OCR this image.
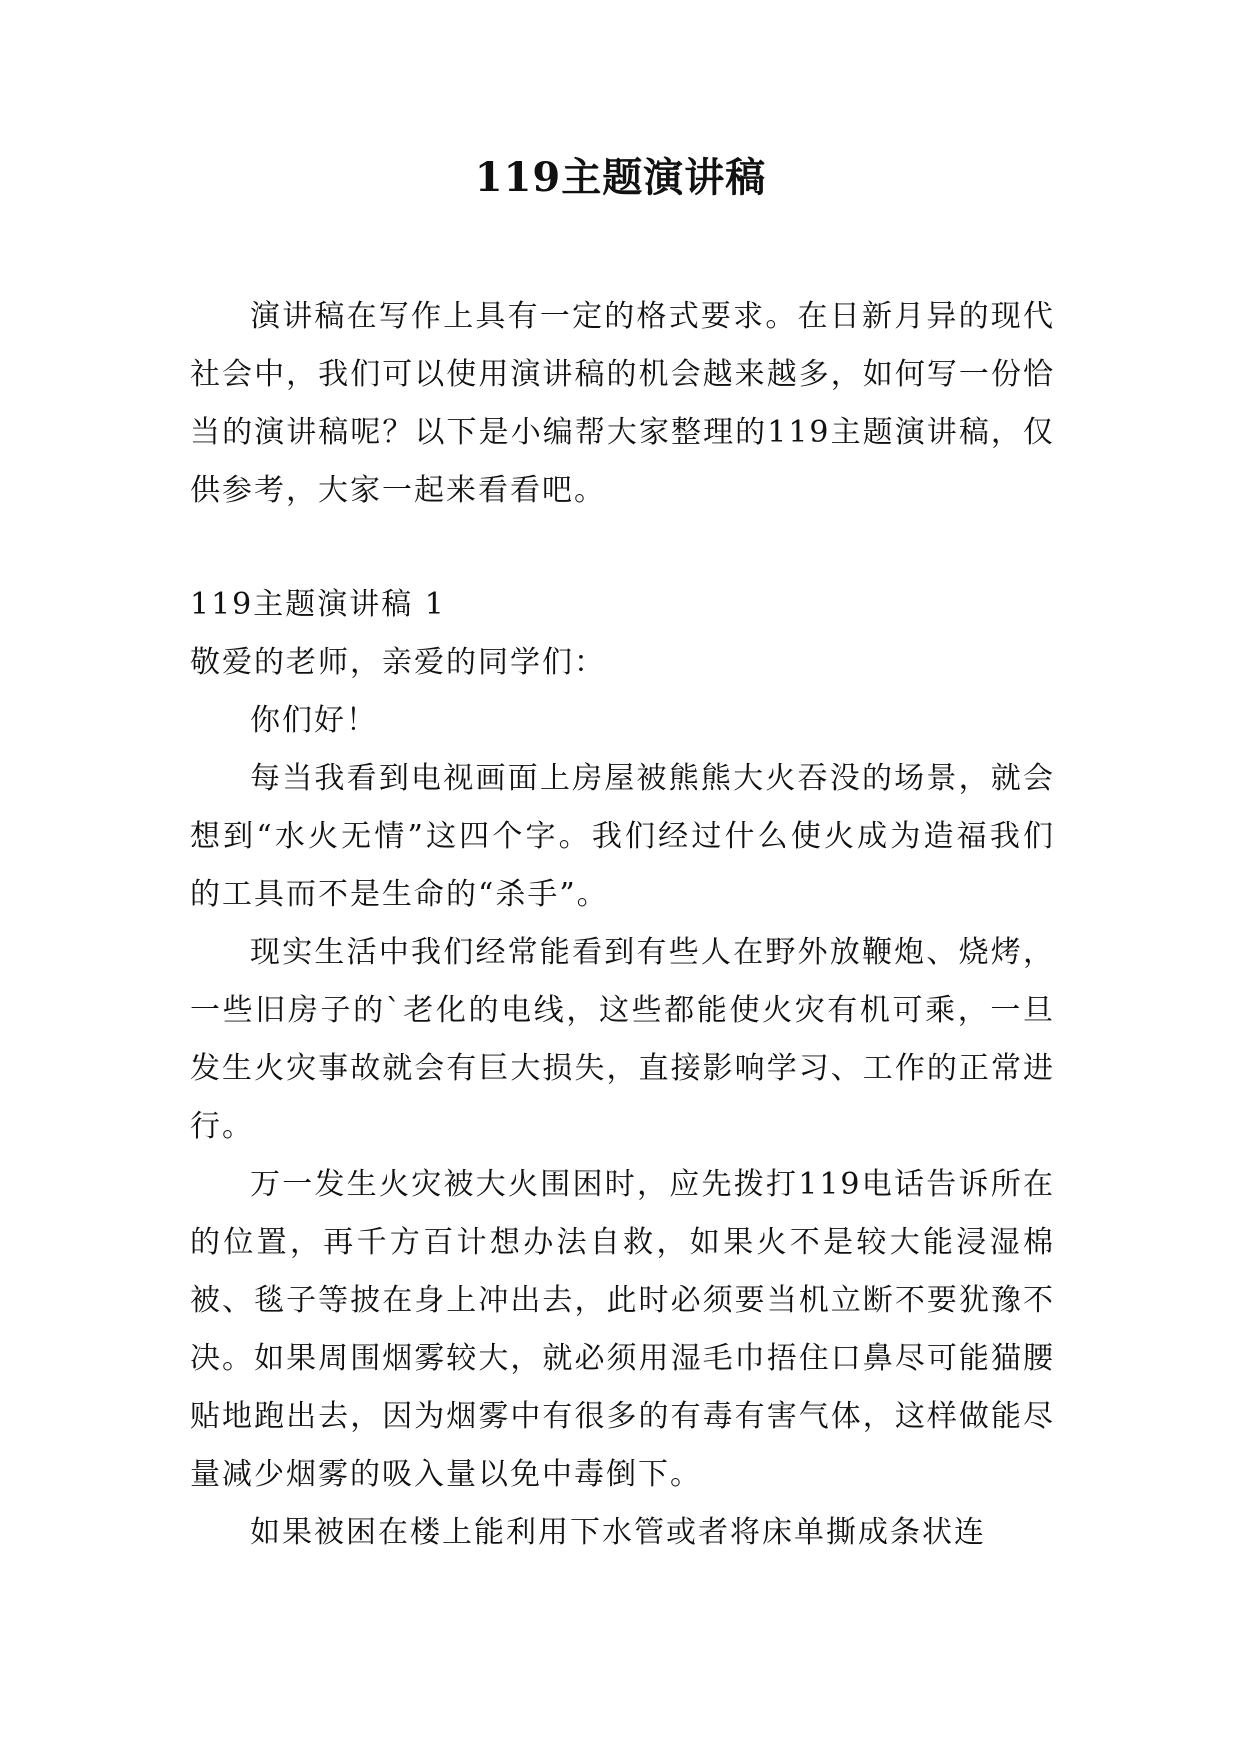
119主题演讲稿

演讲稿在写作上具有一定的格式要求。在日新月异的现代社会中，我们可以使用演讲稿的机会越来越多，如何写一份恰当的演讲稿呢？以下是小编帮大家整理的119主题演讲稿，仅供参考，大家一起来看看吧。

119主题演讲稿 1

敬爱的老师，亲爱的同学们：

你们好！

每当我看到电视画面上房屋被熊熊大火吞没的场景，就会想到“水火无情”这四个字。我们经过什么使火成为造福我们的工具而不是生命的“杀手”。

现实生活中我们经常能看到有些人在野外放鞭炮、烧烤，一些旧房子的`老化的电线，这些都能使火灾有机可乘，一旦发生火灾事故就会有巨大损失，直接影响学习、工作的正常进行。

万一发生火灾被大火围困时，应先拨打119电话告诉所在的位置，再千方百计想办法自救，如果火不是较大能浸湿棉被、毯子等披在身上冲出去，此时必须要当机立断不要犹豫不决。如果周围烟雾较大，就必须用湿毛巾捂住口鼻尽可能猫腰贴地跑出去，因为烟雾中有很多的有毒有害气体，这样做能尽量减少烟雾的吸入量以免中毒倒下。

如果被困在楼上能利用下水管或者将床单撕成条状连
